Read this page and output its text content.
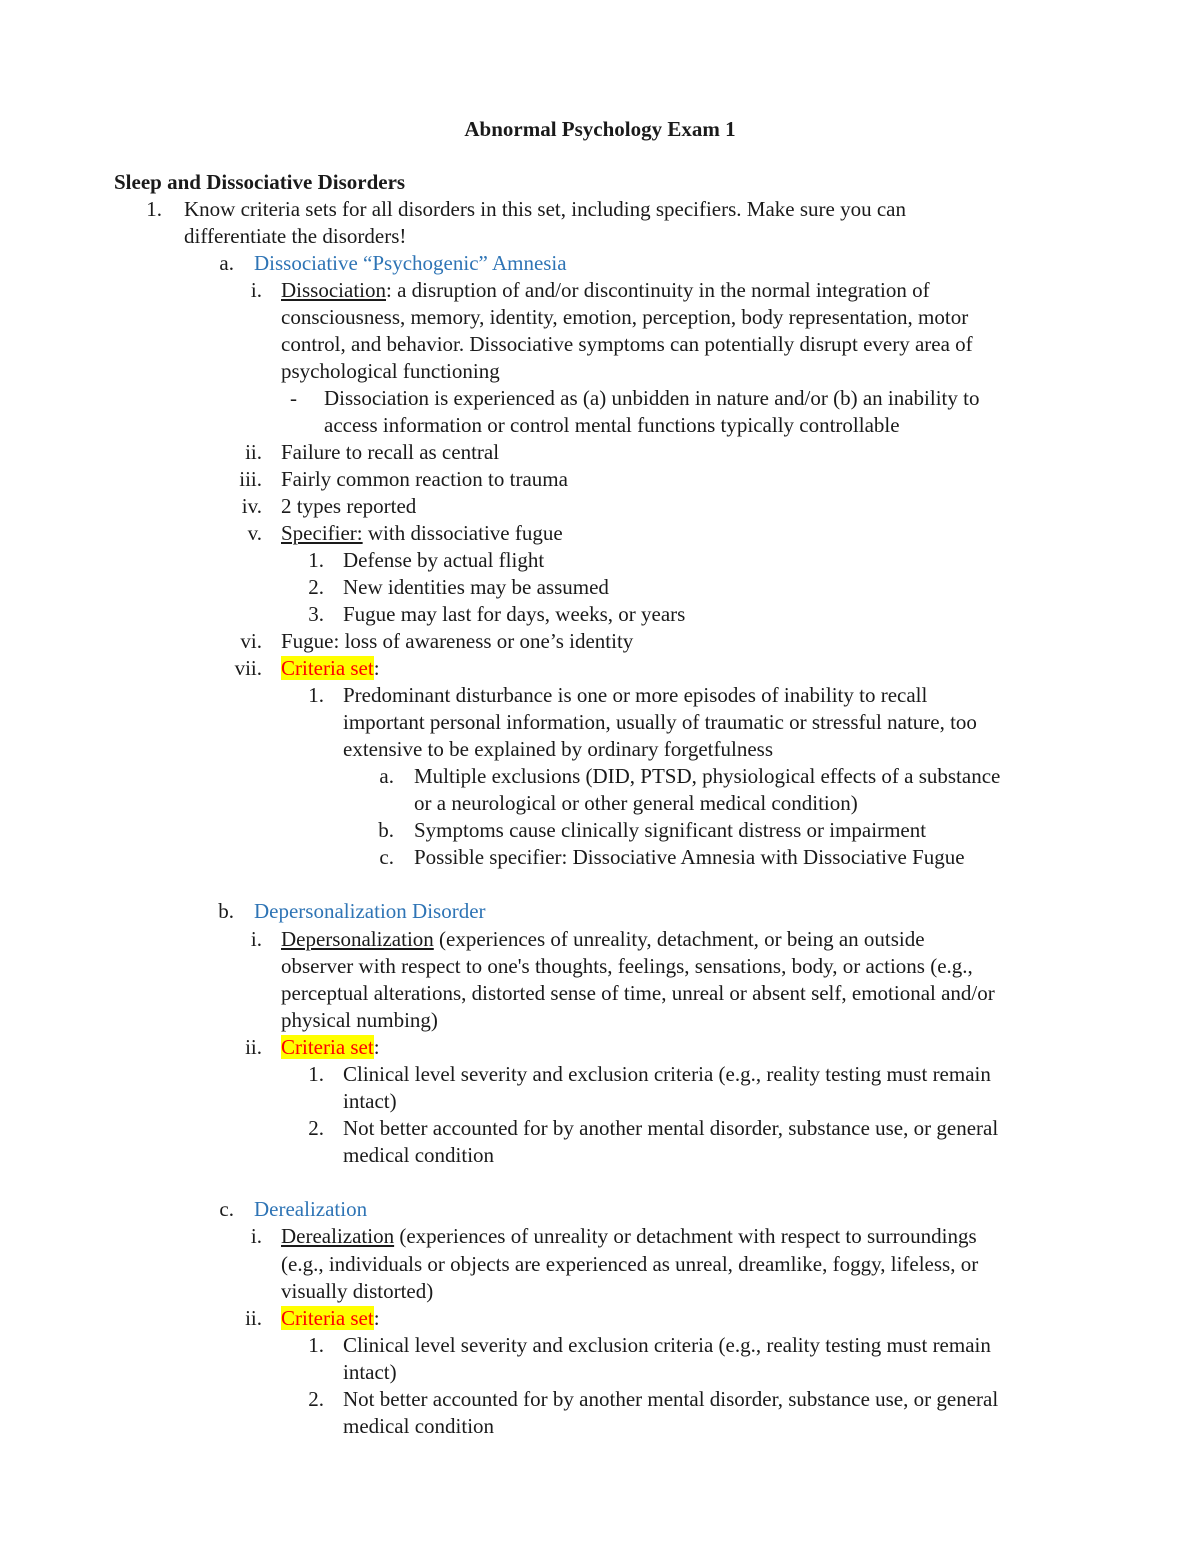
Abnormal Psychology Exam 1
Sleep and Dissociative Disorders
1. Know criteria sets for all disorders in this set, including specifiers. Make sure you can
differentiate the disorders!
a. Dissociative “Psychogenic” Amnesia
i. Dissociation: a disruption of and/or discontinuity in the normal integration of
consciousness, memory, identity, emotion, perception, body representation, motor
control, and behavior. Dissociative symptoms can potentially disrupt every area of
psychological functioning
- Dissociation is experienced as (a) unbidden in nature and/or (b) an inability to
access information or control mental functions typically controllable
ii. Failure to recall as central
iii. Fairly common reaction to trauma
iv. 2 types reported
v. Specifier: with dissociative fugue
1. Defense by actual flight
2. New identities may be assumed
3. Fugue may last for days, weeks, or years
vi. Fugue: loss of awareness or one’s identity
vii. Criteria set:
1. Predominant disturbance is one or more episodes of inability to recall
important personal information, usually of traumatic or stressful nature, too
extensive to be explained by ordinary forgetfulness
a. Multiple exclusions (DID, PTSD, physiological effects of a substance
or a neurological or other general medical condition)
b. Symptoms cause clinically significant distress or impairment
c. Possible specifier: Dissociative Amnesia with Dissociative Fugue
b. Depersonalization Disorder
i. Depersonalization (experiences of unreality, detachment, or being an outside
observer with respect to one's thoughts, feelings, sensations, body, or actions (e.g.,
perceptual alterations, distorted sense of time, unreal or absent self, emotional and/or
physical numbing)
ii. Criteria set:
1. Clinical level severity and exclusion criteria (e.g., reality testing must remain
intact)
2. Not better accounted for by another mental disorder, substance use, or general
medical condition
c. Derealization
i. Derealization (experiences of unreality or detachment with respect to surroundings
(e.g., individuals or objects are experienced as unreal, dreamlike, foggy, lifeless, or
visually distorted)
ii. Criteria set:
1. Clinical level severity and exclusion criteria (e.g., reality testing must remain
intact)
2. Not better accounted for by another mental disorder, substance use, or general
medical condition
